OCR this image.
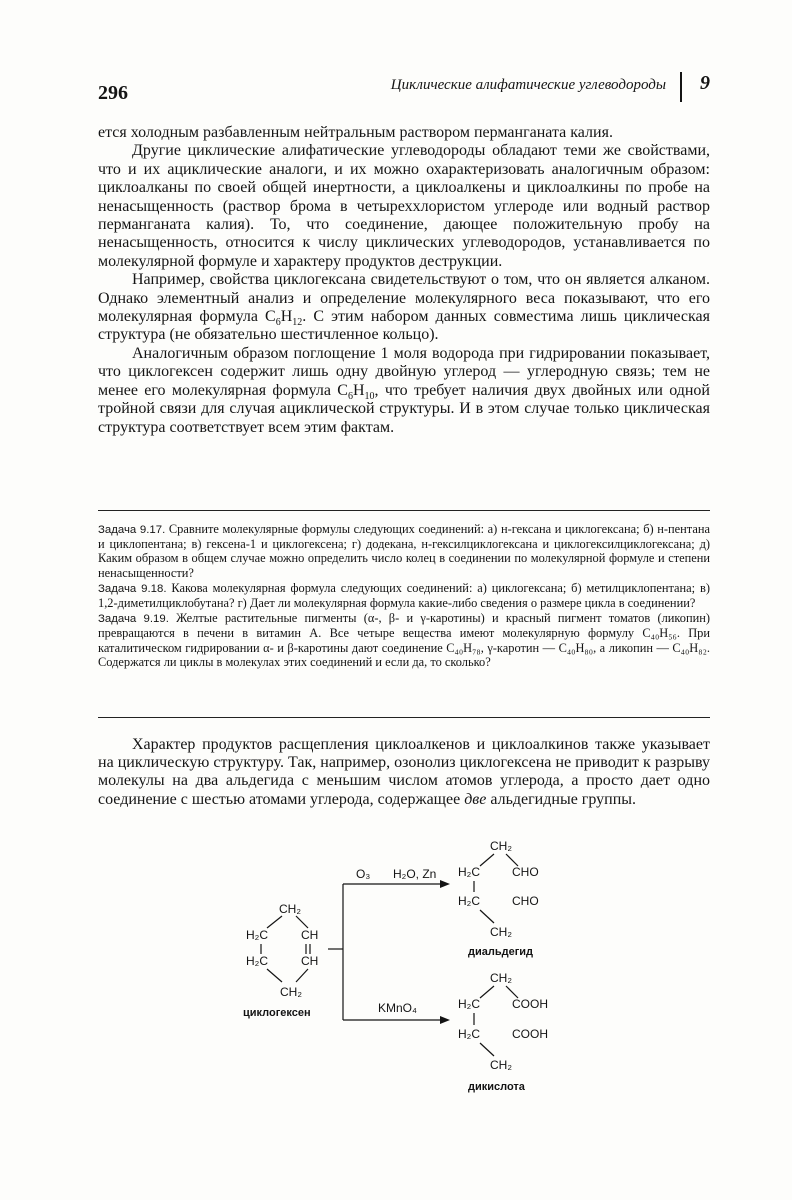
296	Циклические алифатические углеводороды 9

ется холодным разбавленным нейтральным раствором перманганата калия.

Другие циклические алифатические углеводороды обладают теми же свойствами, что и их ациклические аналоги, и их можно охарактеризовать аналогичным образом: циклоалканы по своей общей инертности, а циклоалкены и циклоалкины по пробе на ненасыщенность (раствор брома в четыреххлористом углероде или водный раствор перманганата калия). То, что соединение, дающее положительную пробу на ненасыщенность, относится к числу циклических углеводородов, устанавливается по молекулярной формуле и характеру продуктов деструкции.

Например, свойства циклогексана свидетельствуют о том, что он является алканом. Однако элементный анализ и определение молекулярного веса показывают, что его молекулярная формула $C_6H_{12}$. С этим набором данных совместима лишь циклическая структура (не обязательно шестичленное кольцо).

Аналогичным образом поглощение 1 моля водорода при гидрировании показывает, что циклогексен содержит лишь одну двойную углерод — углеродную связь; тем не менее его молекулярная формула $C_6H_{10}$, что требует наличия двух двойных или одной тройной связи для случая ациклической структуры. И в этом случае только циклическая структура соответствует всем этим фактам.

Задача 9.17. Сравните молекулярные формулы следующих соединений: а) н-гексана и циклогексана; б) н-пентана и циклопентана; в) гексена-1 и циклогексена; г) додекана, н-гексилциклогексана и циклогексилциклогексана; д) Каким образом в общем случае можно определить число колец в соединении по молекулярной формуле и степени ненасыщенности?

Задача 9.18. Какова молекулярная формула следующих соединений: а) циклогексана; б) метилциклопентана; в) 1,2-диметилциклобутана? г) Дает ли молекулярная формула какие-либо сведения о размере цикла в соединении?

Задача 9.19. Желтые растительные пигменты (α-, β- и γ-каротины) и красный пигмент томатов (ликопин) превращаются в печени в витамин А. Все четыре вещества имеют молекулярную формулу C₄₀H₅₆. При каталитическом гидрировании α- и β-каротины дают соединение C₄₀H₇₈, γ-каротин — C₄₀H₈₀, а ликопин — C₄₀H₈₂. Содержатся ли циклы в молекулах этих соединений и если да, то сколько?

Характер продуктов расщепления циклоалкенов и циклоалкинов также указывает на циклическую структуру. Так, например, озонолиз циклогексена не приводит к разрыву молекулы на два альдегида с меньшим числом атомов углерода, а просто дает одно соединение с шестью атомами углерода, содержащее две альдегидные группы.

CH₂
H₂C	CH
H₂C	CH
CH₂
циклогексен
O₃ H₂O, Zn
KMnO₄
CH₂
H₂C	CHO
H₂C	CHO
CH₂
диальдегид
CH₂
H₂C	COOH
H₂C	COOH
CH₂
дикислота
